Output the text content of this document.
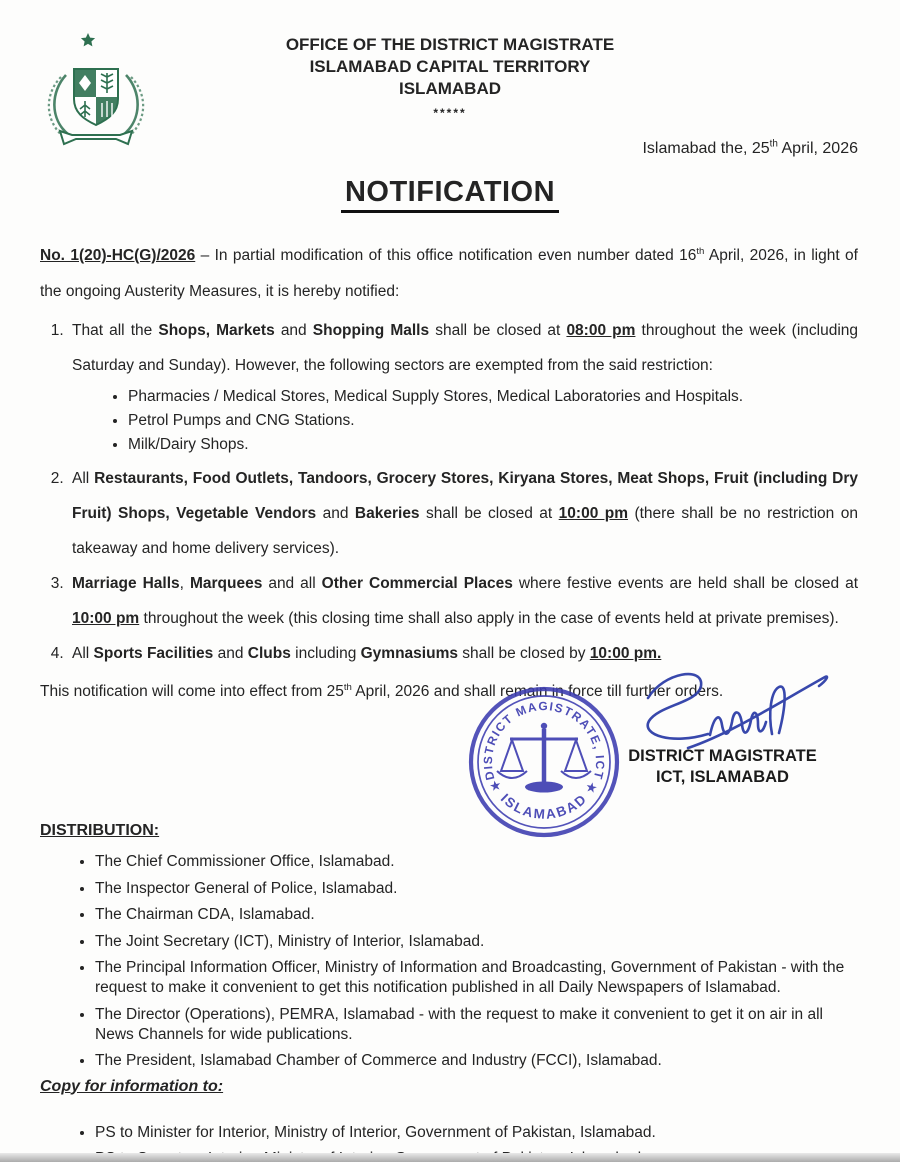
OFFICE OF THE DISTRICT MAGISTRATE
ISLAMABAD CAPITAL TERRITORY
ISLAMABAD
*****
Islamabad the, 25th April, 2026
NOTIFICATION

No. 1(20)-HC(G)/2026 – In partial modification of this office notification even number dated 16th April, 2026, in light of the ongoing Austerity Measures, it is hereby notified:

1. That all the Shops, Markets and Shopping Malls shall be closed at 08:00 pm throughout the week (including Saturday and Sunday). However, the following sectors are exempted from the said restriction:
• Pharmacies / Medical Stores, Medical Supply Stores, Medical Laboratories and Hospitals.
• Petrol Pumps and CNG Stations.
• Milk/Dairy Shops.
2. All Restaurants, Food Outlets, Tandoors, Grocery Stores, Kiryana Stores, Meat Shops, Fruit (including Dry Fruit) Shops, Vegetable Vendors and Bakeries shall be closed at 10:00 pm (there shall be no restriction on takeaway and home delivery services).
3. Marriage Halls, Marquees and all Other Commercial Places where festive events are held shall be closed at 10:00 pm throughout the week (this closing time shall also apply in the case of events held at private premises).
4. All Sports Facilities and Clubs including Gymnasiums shall be closed by 10:00 pm.

This notification will come into effect from 25th April, 2026 and shall remain in force till further orders.

DISTRICT MAGISTRATE, ICT
★ ISLAMABAD ★
DISTRICT MAGISTRATE
ICT, ISLAMABAD
DISTRIBUTION:
• The Chief Commissioner Office, Islamabad.
• The Inspector General of Police, Islamabad.
• The Chairman CDA, Islamabad.
• The Joint Secretary (ICT), Ministry of Interior, Islamabad.
• The Principal Information Officer, Ministry of Information and Broadcasting, Government of Pakistan - with the request to make it convenient to get this notification published in all Daily Newspapers of Islamabad.
• The Director (Operations), PEMRA, Islamabad - with the request to make it convenient to get it on air in all News Channels for wide publications.
• The President, Islamabad Chamber of Commerce and Industry (FCCI), Islamabad.
Copy for information to:
• PS to Minister for Interior, Ministry of Interior, Government of Pakistan, Islamabad.
•
